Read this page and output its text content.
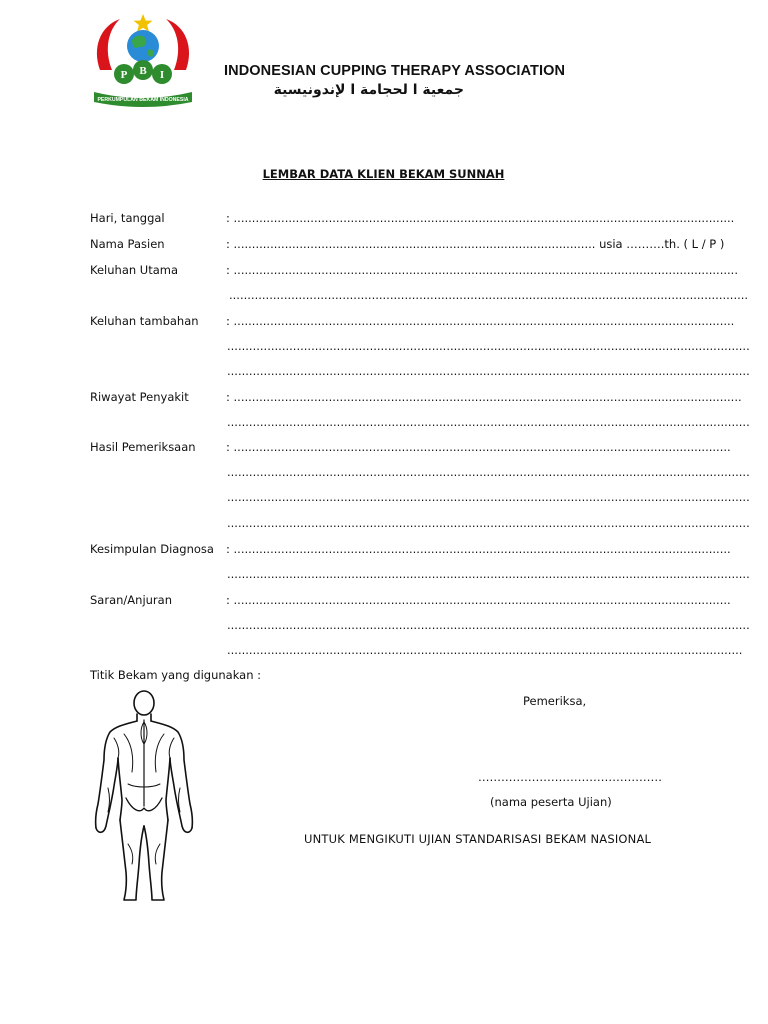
P B I
PERKUMPULAN BEKAM INDONESIA
INDONESIAN CUPPING THERAPY ASSOCIATION
جمعية ا لحجامة ا لإندونيسية
LEMBAR DATA KLIEN BEKAM SUNNAH
Hari, tanggal	: .........................................................................................................................................
Nama Pasien	: ................................................................................................... usia ……….th. ( L / P )
Keluhan Utama	: ..........................................................................................................................................
..............................................................................................................................................
Keluhan tambahan : .........................................................................................................................................
...............................................................................................................................................
...............................................................................................................................................
Riwayat Penyakit	: ...........................................................................................................................................
...............................................................................................................................................
Hasil Pemeriksaan	: ........................................................................................................................................
...............................................................................................................................................
...............................................................................................................................................
...............................................................................................................................................
Kesimpulan Diagnosa : ........................................................................................................................................
...............................................................................................................................................
Saran/Anjuran	: ........................................................................................................................................
...............................................................................................................................................
.............................................................................................................................................
Titik Bekam yang digunakan :
Pemeriksa,
…………………………………………
(nama peserta Ujian)
UNTUK MENGIKUTI UJIAN STANDARISASI BEKAM NASIONAL
